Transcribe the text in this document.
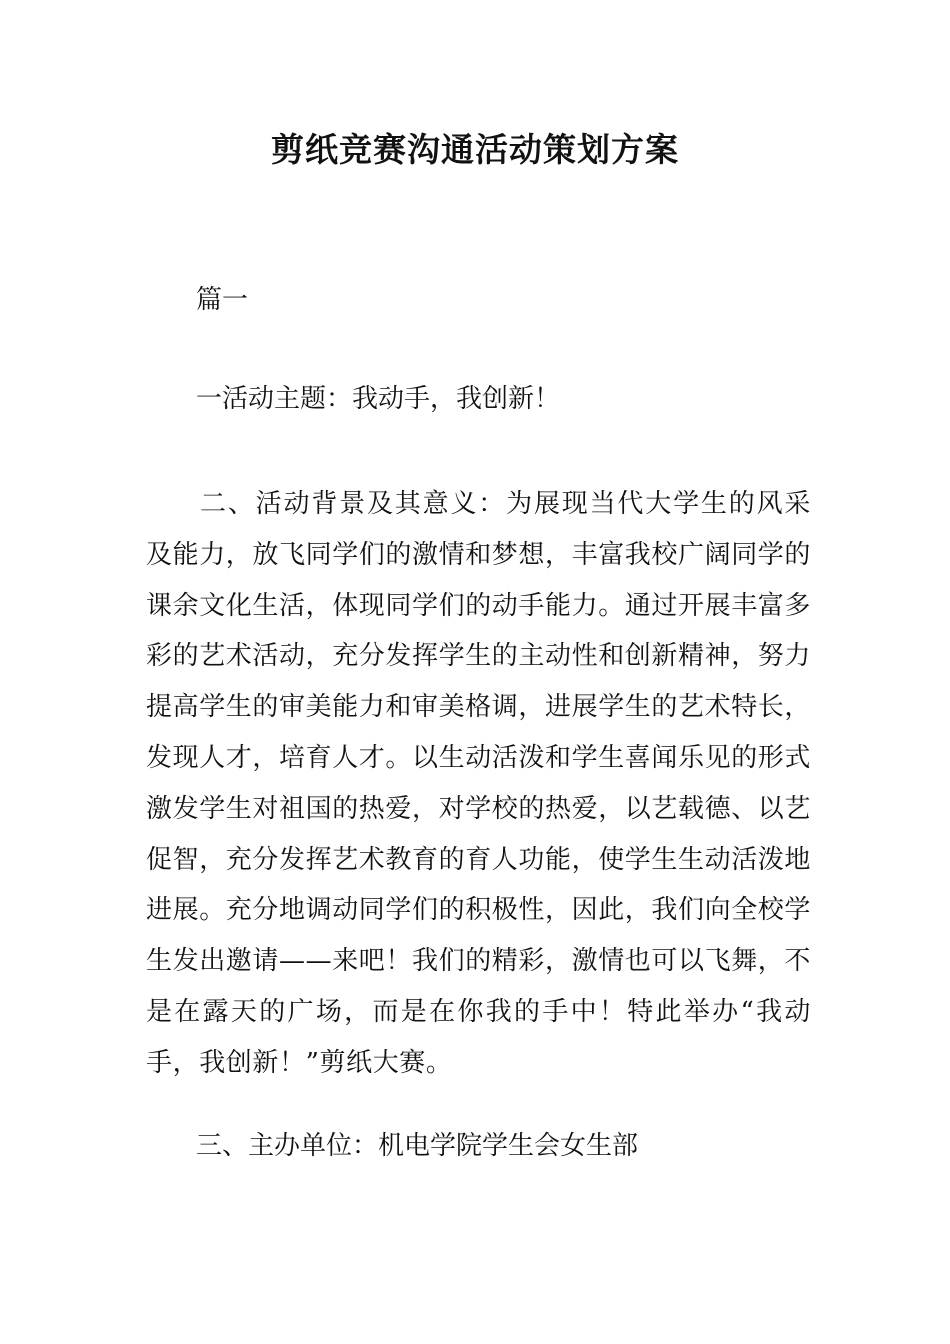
剪纸竞赛沟通活动策划方案
篇一
一活动主题：我动手，我创新！
二、活动背景及其意义：为展现当代大学生的风采及能力，放飞同学们的激情和梦想，丰富我校广阔同学的课余文化生活，体现同学们的动手能力。通过开展丰富多彩的艺术活动，充分发挥学生的主动性和创新精神，努力提高学生的审美能力和审美格调，进展学生的艺术特长，发现人才，培育人才。以生动活泼和学生喜闻乐见的形式激发学生对祖国的热爱，对学校的热爱，以艺载德、以艺促智，充分发挥艺术教育的育人功能，使学生生动活泼地进展。充分地调动同学们的积极性，因此，我们向全校学生发出邀请——来吧！我们的精彩，激情也可以飞舞，不是在露天的广场，而是在你我的手中！特此举办“我动手，我创新！”剪纸大赛。
三、主办单位：机电学院学生会女生部
